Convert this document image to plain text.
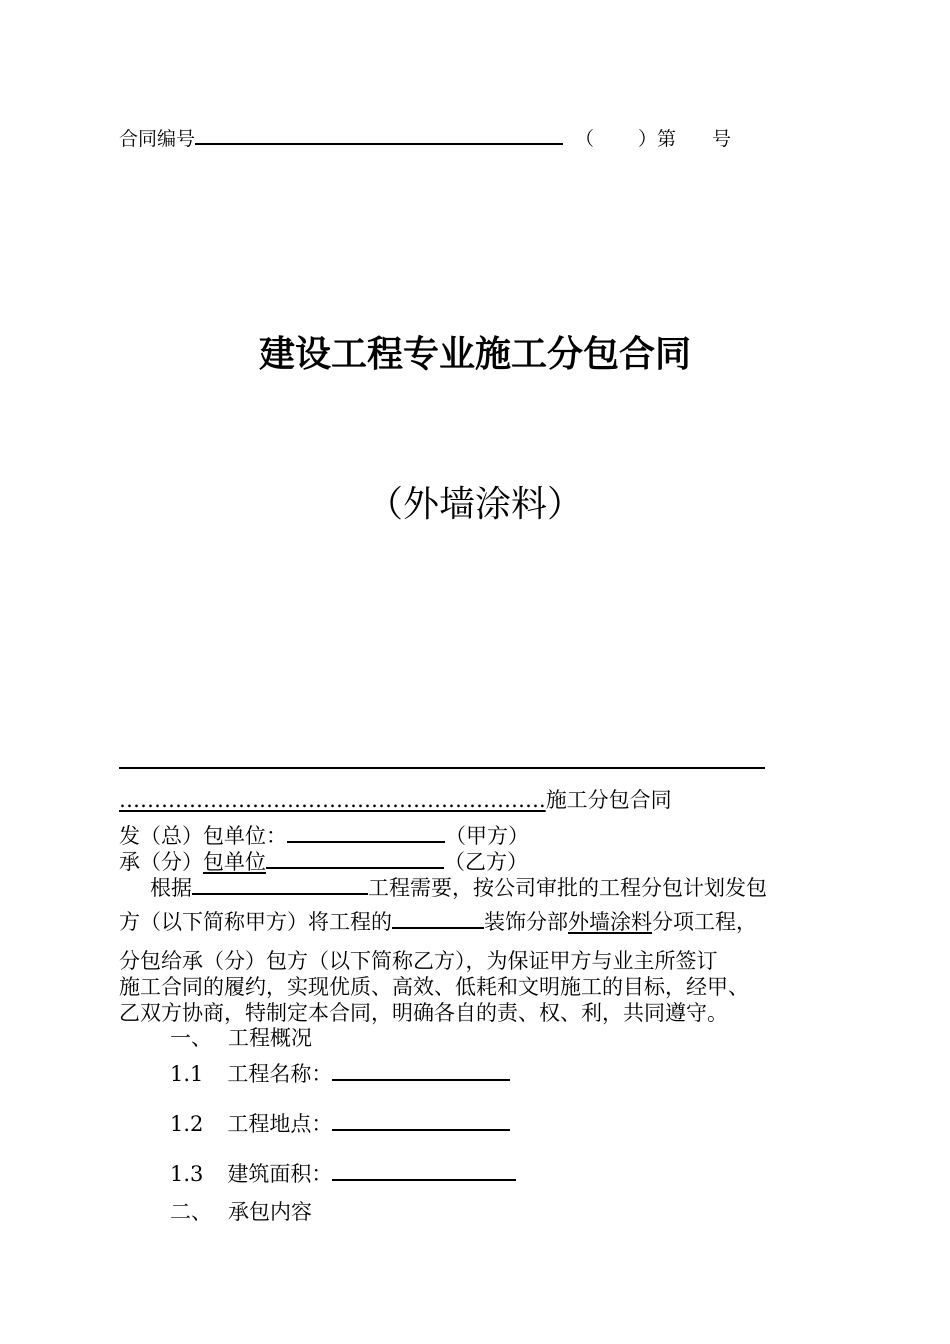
合同编号	（ ）第 号
建设工程专业施工分包合同
（外墙涂料）
…………………………………………………….施工分包合同
发（总）包单位：	（甲方）
承（分）包单位	（乙方）
根据	工程需要，按公司审批的工程分包计划发包
方（以下简称甲方）将工程的	装饰分部外墙涂料分项工程，
分包给承（分）包方（以下简称乙方），为保证甲方与业主所签订
施工合同的履约，实现优质、高效、低耗和文明施工的目标，经甲、
乙双方协商，特制定本合同，明确各自的责、权、利，共同遵守。
一、 工程概况
1.1 工程名称：
1.2 工程地点：
1.3 建筑面积：
二、 承包内容
